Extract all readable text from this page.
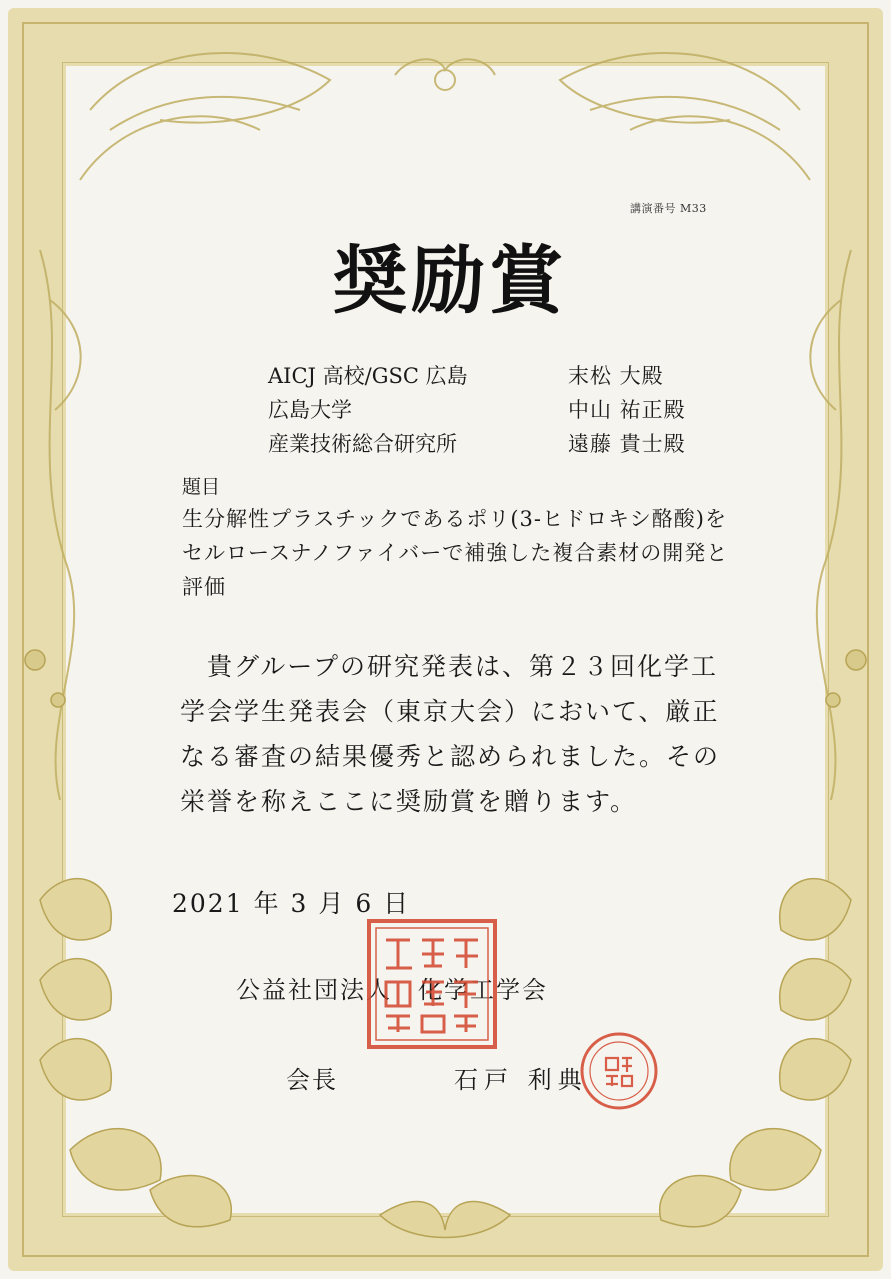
講演番号 M33
奨励賞
AICJ 高校/GSC 広島	末松 大殿
広島大学	中山 祐正殿
産業技術総合研究所	遠藤 貴士殿
題目
生分解性プラスチックであるポリ(3-ヒドロキシ酪酸)をセルロースナノファイバーで補強した複合素材の開発と評価
貴グループの研究発表は、第２３回化学工学会学生発表会（東京大会）において、厳正なる審査の結果優秀と認められました。その栄誉を称えここに奨励賞を贈ります。
2021 年 3 月 6 日
公益社団法人　化学工学会
会長	石戸 利典
